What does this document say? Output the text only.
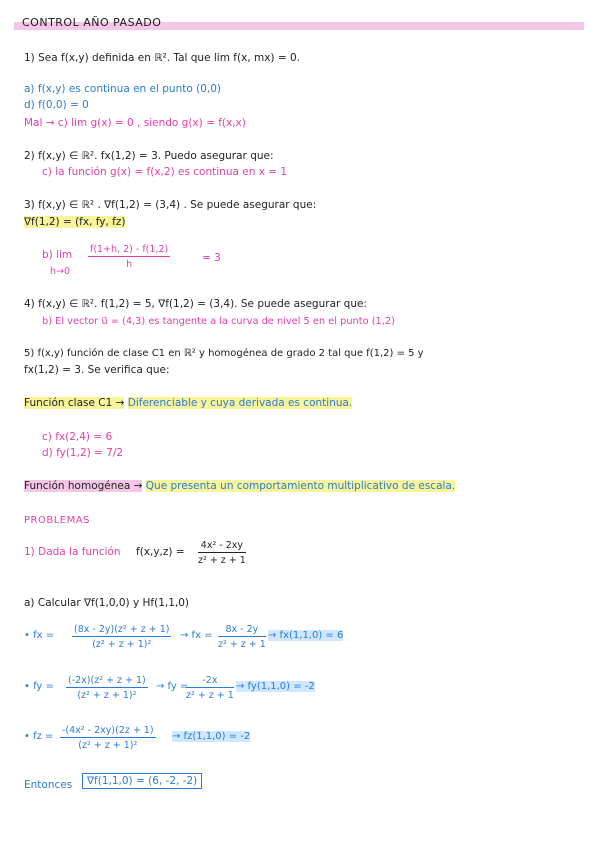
CONTROL AÑO PASADO
1) Sea f(x,y) definida en ℝ². Tal que lim f(x, mx) = 0.
a) f(x,y) es continua en el punto (0,0)
d) f(0,0) = 0
Mal → c) lim g(x) = 0 , siendo g(x) = f(x,x)
2) f(x,y) ∈ ℝ². fx(1,2) = 3. Puedo asegurar que:
c) la función g(x) = f(x,2) es continua en x = 1
3) f(x,y) ∈ ℝ² . ∇f(1,2) = (3,4) . Se puede asegurar que:
∇f(1,2) = (fx, fy, fz)
b) lim
h→0
$\frac{f(1+h, 2) - f(1,2)}{h}$	= 3
4) f(x,y) ∈ ℝ². f(1,2) = 5, ∇f(1,2) = (3,4). Se puede asegurar que:
b) El vector u⃗ = (4,3) es tangente a la curva de nivel 5 en el punto (1,2)
5) f(x,y) función de clase C1 en ℝ² y homogénea de grado 2 tal que f(1,2) = 5 y
fx(1,2) = 3. Se verifica que:
Función clase C1 → Diferenciable y cuya derivada es continua.
c) fx(2,4) = 6
d) fy(1,2) = 7/2
Función homogénea → Que presenta un comportamiento multiplicativo de escala.
PROBLEMAS
1) Dada la función $f(x,y,z) = \frac{\text{4x² - 2xy}}{\text{z² + z + 1}}$
a) Calcular ∇f(1,0,0) y Hf(1,1,0)
• fx = $\frac{\text{(8x - 2y)(z² + z + 1)}}{\text{(z² + z + 1)²}}$ → fx = $\frac{8x - 2y}{\text{z² + z + 1}} \to fx(1,1,0) = 6$
• fy = $\frac{\text{(-2x)(z² + z + 1)}}{\text{(z² + z + 1)²}}$ → fy =
$\frac{-2x}{\text{z² + z + 1}} \to fy(1,1,0) = -2$
• fz = $\frac{\text{-(4x² - 2xy)(2z + 1)}}{\text{(z² + z + 1)²}} \to fz(1,1,0) = -2$
Entonces	∇f(1,1,0) = (6, -2, -2)
